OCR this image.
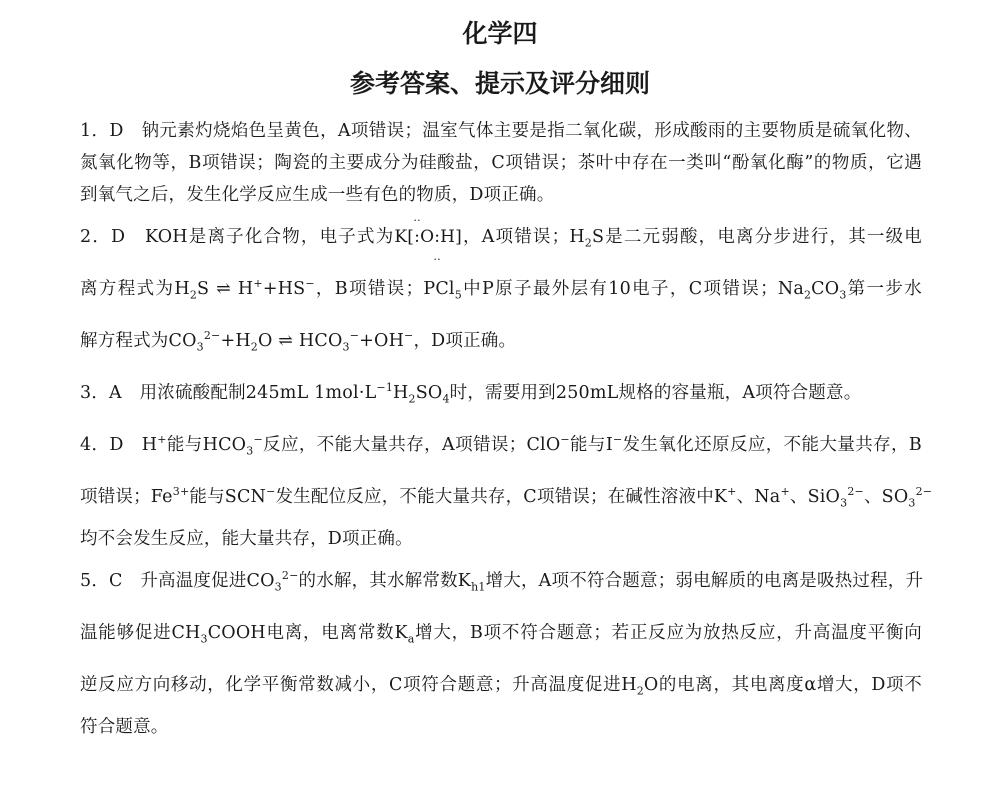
化学四
参考答案、提示及评分细则
1．D　钠元素灼烧焰色呈黄色，A项错误；温室气体主要是指二氧化碳，形成酸雨的主要物质是硫氧化物、
氮氧化物等，B项错误；陶瓷的主要成分为硅酸盐，C项错误；茶叶中存在一类叫“酚氧化酶”的物质，它遇
到氧气之后，发生化学反应生成一些有色的物质，D项正确。
2．D　KOH是离子化合物，电子式为K[:
‥
O:
‥
H]，A项错误；$H_2S$是二元弱酸，电离分步进行，其一级电
离方程式为$H_2S$ ⇌ H++HS−，B项错误；PCl$_5$中P原子最外层有10电子，C项错误；$Na_2CO_3$第一步水
解方程式为$CO_3^{2-}+H_2O$ ⇌ $HCO_3^-+OH^-$，D项正确。
3．A　用浓硫酸配制245mL $1mol\cdot L^{-1}H_2SO_4$时，需要用到250mL规格的容量瓶，A项符合题意。
4．D　H+能与$HCO_3^-$反应，不能大量共存，A项错误；ClO−能与I−发生氧化还原反应，不能大量共存，B
项错误；$Fe^{3+}$能与SCN−发生配位反应，不能大量共存，C项错误；在碱性溶液中K+、Na+、SiO$_3^{2-}$、$SO_3^{2-}$
均不会发生反应，能大量共存，D项正确。
5．C　升高温度促进$CO_3^{2-}$的水解，其水解常数$K_{h1}$增大，A项不符合题意；弱电解质的电离是吸热过程，升
温能够促进$CH_3COOH$电离，电离常数$K_a$增大，B项不符合题意；若正反应为放热反应，升高温度平衡向
逆反应方向移动，化学平衡常数减小，C项符合题意；升高温度促进$H_2O$的电离，其电离度α增大，D项不
符合题意。
